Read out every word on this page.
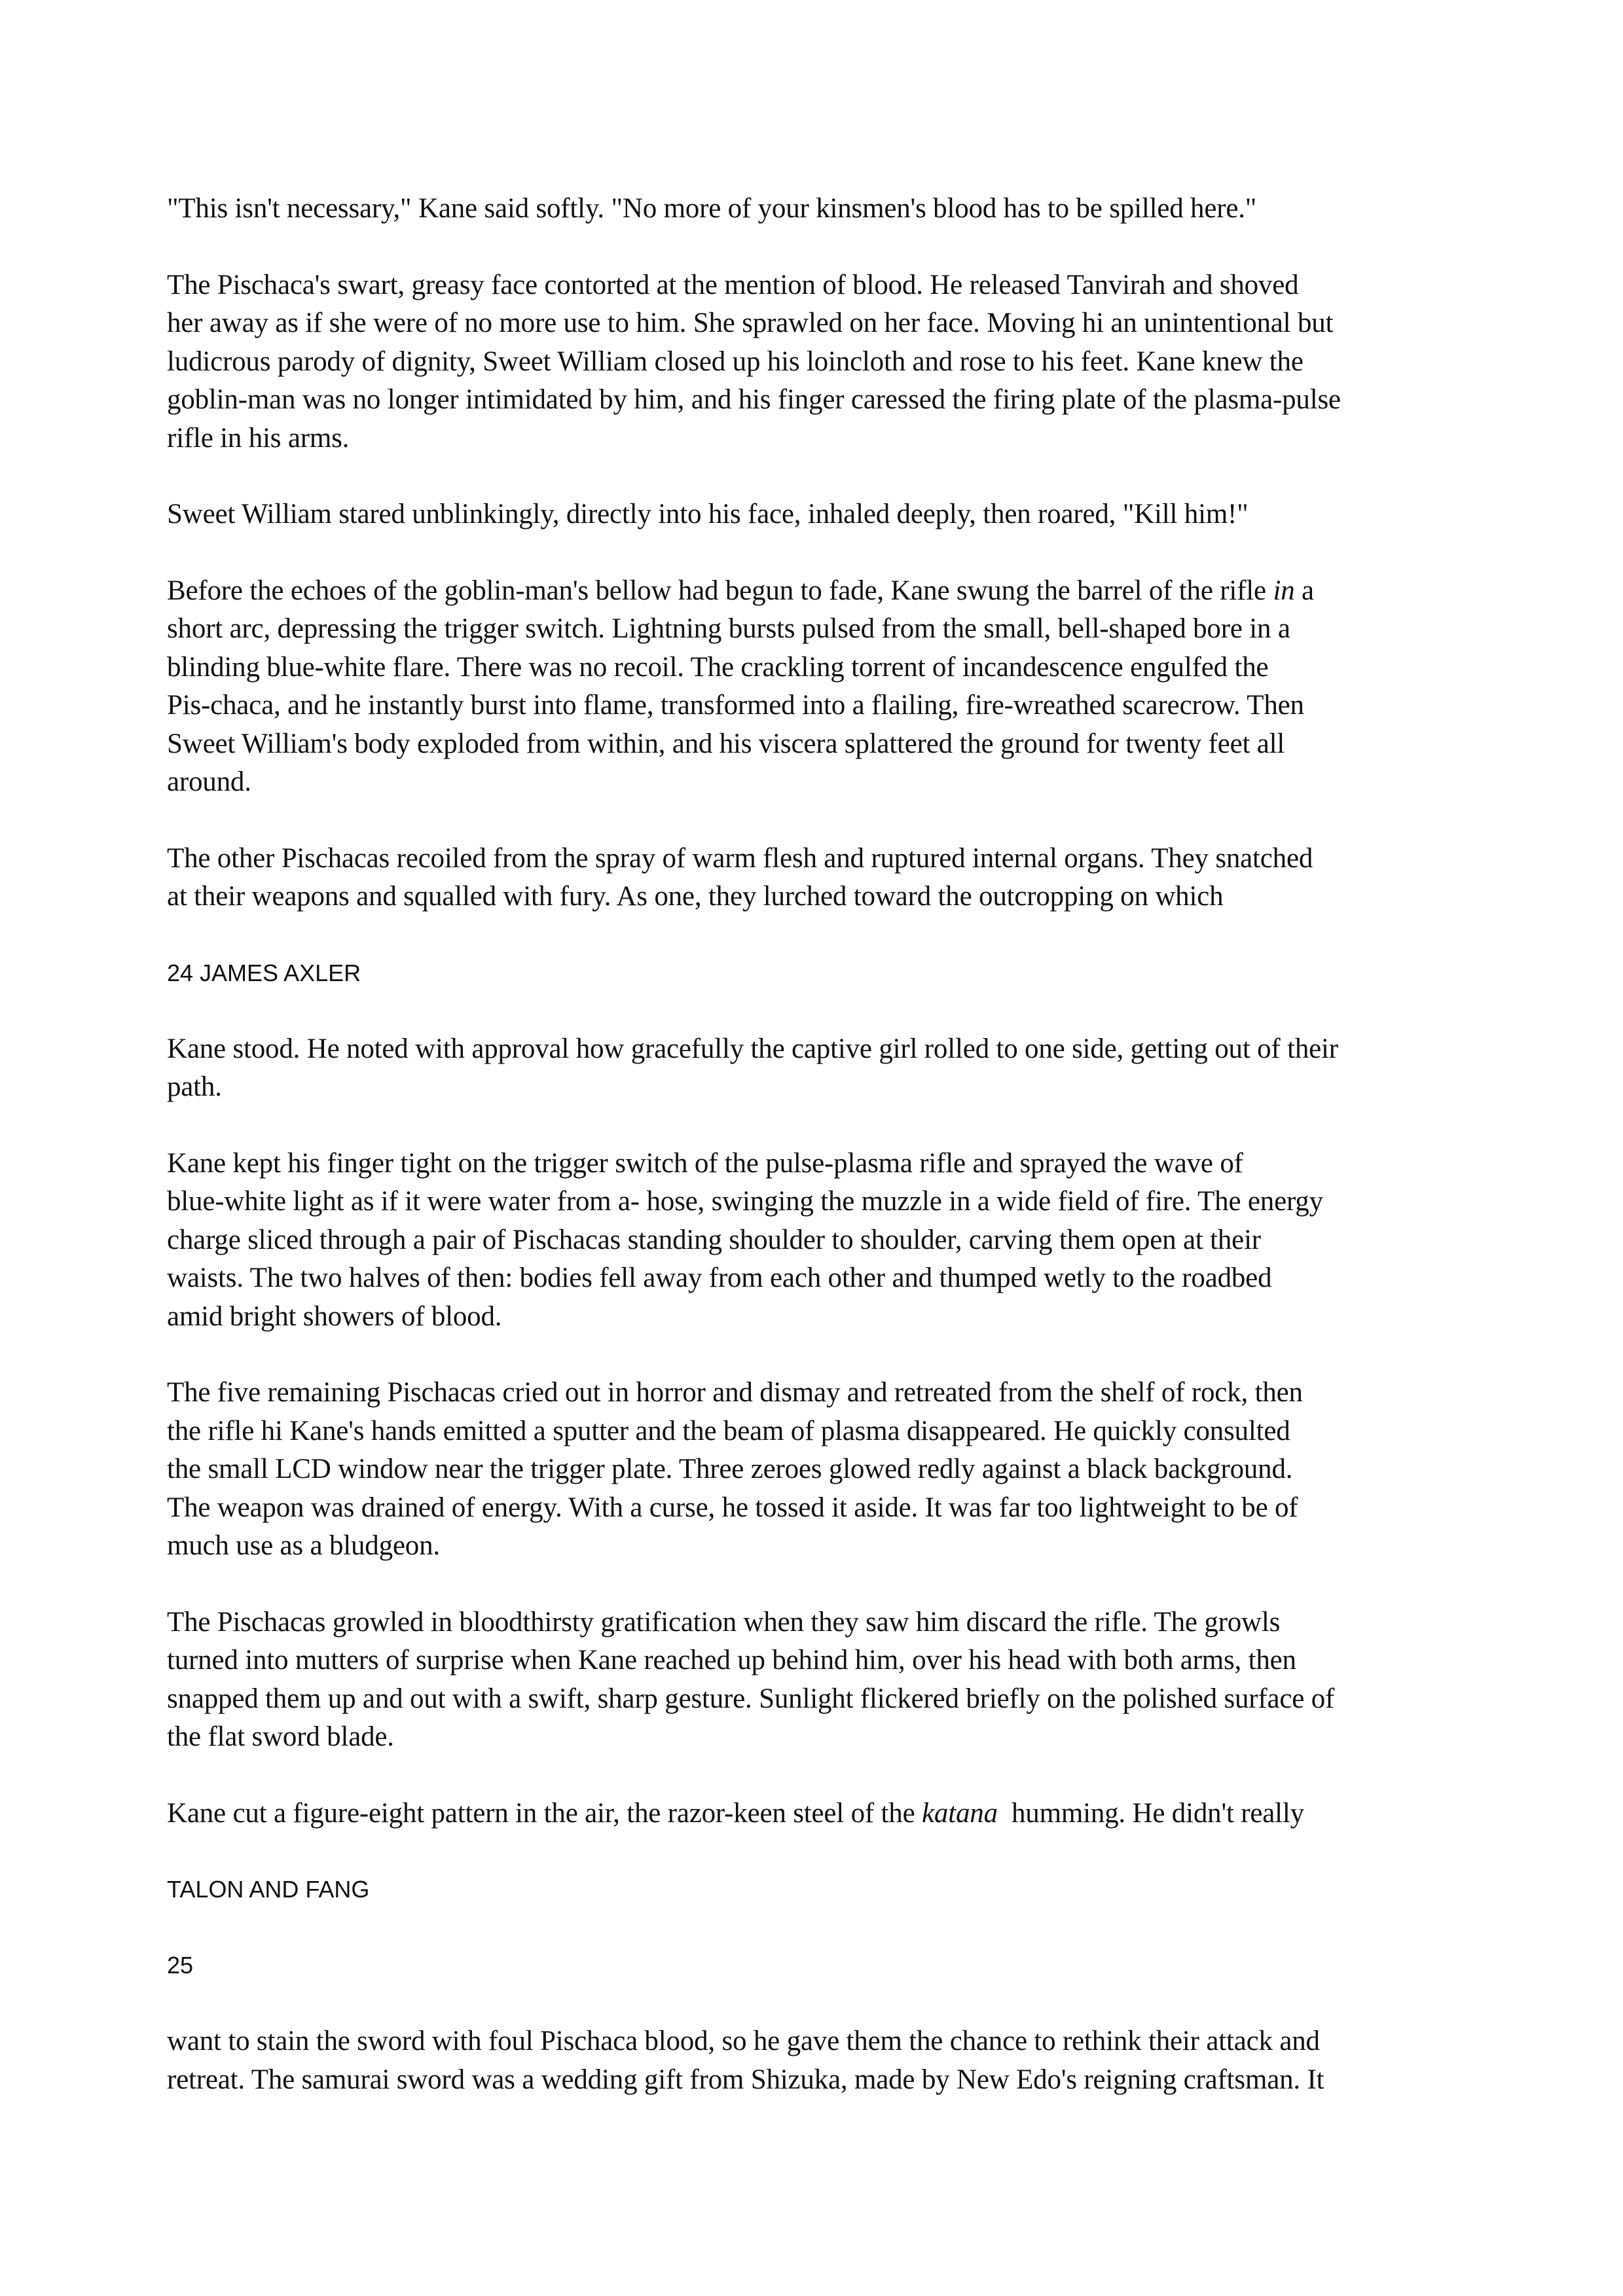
"This isn't necessary," Kane said softly. "No more of your kinsmen's blood has to be spilled here."

The Pischaca's swart, greasy face contorted at the mention of blood. He released Tanvirah and shoved
her away as if she were of no more use to him. She sprawled on her face. Moving hi an unintentional but
ludicrous parody of dignity, Sweet William closed up his loincloth and rose to his feet. Kane knew the
goblin-man was no longer intimidated by him, and his finger caressed the firing plate of the plasma-pulse
rifle in his arms.

Sweet William stared unblinkingly, directly into his face, inhaled deeply, then roared, "Kill him!"

Before the echoes of the goblin-man's bellow had begun to fade, Kane swung the barrel of the rifle in a
short arc, depressing the trigger switch. Lightning bursts pulsed from the small, bell-shaped bore in a
blinding blue-white flare. There was no recoil. The crackling torrent of incandescence engulfed the
Pis-chaca, and he instantly burst into flame, transformed into a flailing, fire-wreathed scarecrow. Then
Sweet William's body exploded from within, and his viscera splattered the ground for twenty feet all
around.

The other Pischacas recoiled from the spray of warm flesh and ruptured internal organs. They snatched
at their weapons and squalled with fury. As one, they lurched toward the outcropping on which

24 JAMES AXLER

Kane stood. He noted with approval how gracefully the captive girl rolled to one side, getting out of their
path.

Kane kept his finger tight on the trigger switch of the pulse-plasma rifle and sprayed the wave of
blue-white light as if it were water from a- hose, swinging the muzzle in a wide field of fire. The energy
charge sliced through a pair of Pischacas standing shoulder to shoulder, carving them open at their
waists. The two halves of then: bodies fell away from each other and thumped wetly to the roadbed
amid bright showers of blood.

The five remaining Pischacas cried out in horror and dismay and retreated from the shelf of rock, then
the rifle hi Kane's hands emitted a sputter and the beam of plasma disappeared. He quickly consulted
the small LCD window near the trigger plate. Three zeroes glowed redly against a black background.
The weapon was drained of energy. With a curse, he tossed it aside. It was far too lightweight to be of
much use as a bludgeon.

The Pischacas growled in bloodthirsty gratification when they saw him discard the rifle. The growls
turned into mutters of surprise when Kane reached up behind him, over his head with both arms, then
snapped them up and out with a swift, sharp gesture. Sunlight flickered briefly on the polished surface of
the flat sword blade.

Kane cut a figure-eight pattern in the air, the razor-keen steel of the katana  humming. He didn't really

TALON AND FANG
25

want to stain the sword with foul Pischaca blood, so he gave them the chance to rethink their attack and
retreat. The samurai sword was a wedding gift from Shizuka, made by New Edo's reigning craftsman. It
